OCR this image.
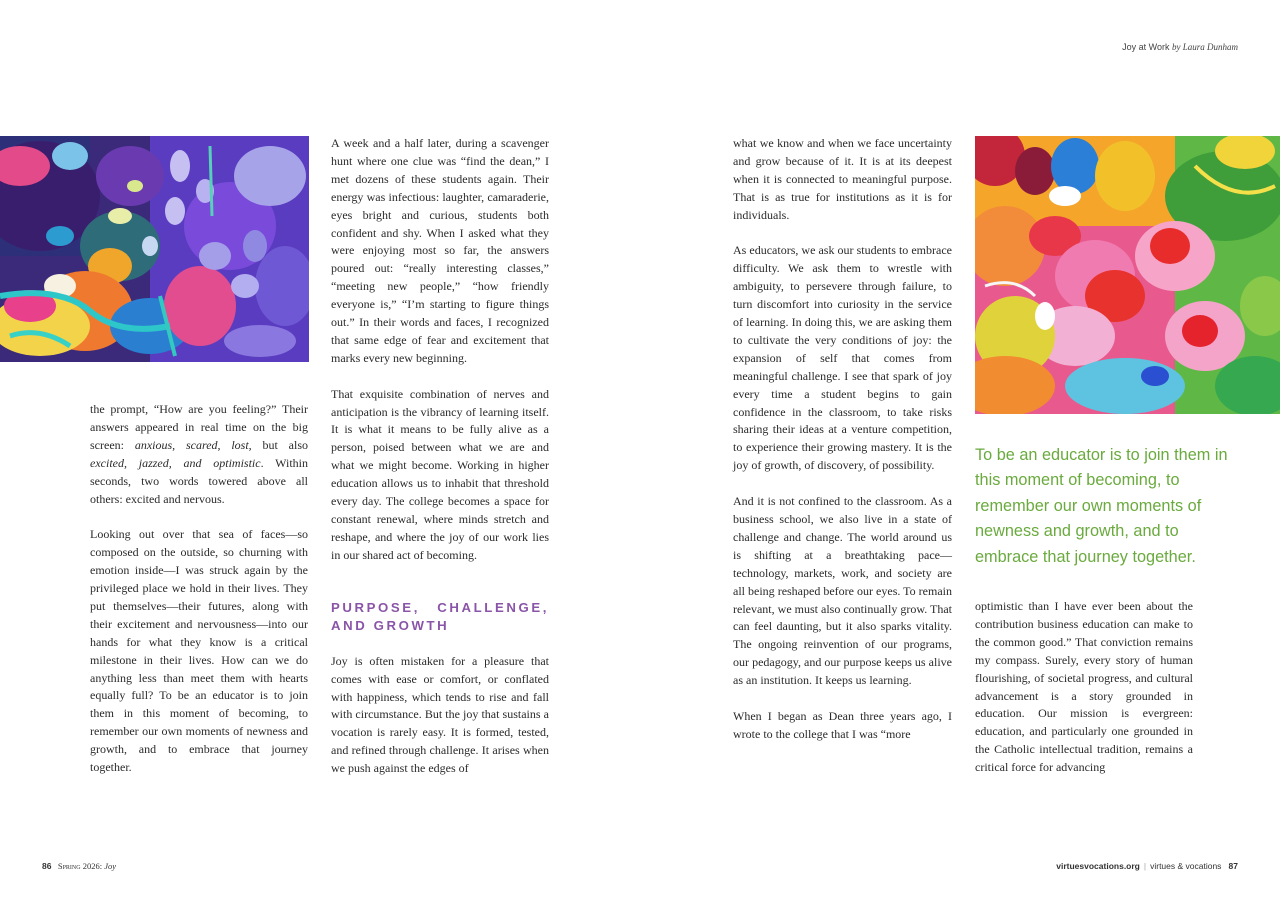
the prompt, “How are you feeling?” Their answers appeared in real time on the big screen: anxious, scared, lost, but also excited, jazzed, and optimistic. Within seconds, two words towered above all others: excited and nervous.

Looking out over that sea of faces—so composed on the outside, so churning with emotion inside—I was struck again by the privileged place we hold in their lives. They put themselves—their futures, along with their excitement and nervousness—into our hands for what they know is a critical milestone in their lives. How can we do anything less than meet them with hearts equally full? To be an educator is to join them in this moment of becoming, to remember our own moments of newness and growth, and to embrace that journey together.

A week and a half later, during a scavenger hunt where one clue was “find the dean,” I met dozens of these students again. Their energy was infectious: laughter, camaraderie, eyes bright and curious, students both confident and shy. When I asked what they were enjoying most so far, the answers poured out: “really interesting classes,” “meeting new people,” “how friendly everyone is,” “I’m starting to figure things out.” In their words and faces, I recognized that same edge of fear and excitement that marks every new beginning.

That exquisite combination of nerves and anticipation is the vibrancy of learning itself. It is what it means to be fully alive as a person, poised between what we are and what we might become. Working in higher education allows us to inhabit that threshold every day. The college becomes a space for constant renewal, where minds stretch and reshape, and where the joy of our work lies in our shared act of becoming.

PURPOSE, CHALLENGE, AND GROWTH

Joy is often mistaken for a pleasure that comes with ease or comfort, or conflated with happiness, which tends to rise and fall with circumstance. But the joy that sustains a vocation is rarely easy. It is formed, tested, and refined through challenge. It arises when we push against the edges of

86 Spring 2026: Joy
Joy at Work by Laura Dunham
virtuesvocations.org | virtues & vocations 87

what we know and when we face uncertainty and grow because of it. It is at its deepest when it is connected to meaningful purpose. That is as true for institutions as it is for individuals.

As educators, we ask our students to embrace difficulty. We ask them to wrestle with ambiguity, to persevere through failure, to turn discomfort into curiosity in the service of learning. In doing this, we are asking them to cultivate the very conditions of joy: the expansion of self that comes from meaningful challenge. I see that spark of joy every time a student begins to gain confidence in the classroom, to take risks sharing their ideas at a venture competition, to experience their growing mastery. It is the joy of growth, of discovery, of possibility.

And it is not confined to the classroom. As a business school, we also live in a state of challenge and change. The world around us is shifting at a breathtaking pace—technology, markets, work, and society are all being reshaped before our eyes. To remain relevant, we must also continually grow. That can feel daunting, but it also sparks vitality. The ongoing reinvention of our programs, our pedagogy, and our purpose keeps us alive as an institution. It keeps us learning.

When I began as Dean three years ago, I wrote to the college that I was “more

To be an educator is to join them in this moment of becoming, to remember our own moments of newness and growth, and to embrace that journey together.

optimistic than I have ever been about the contribution business education can make to the common good.” That conviction remains my compass. Surely, every story of human flourishing, of societal progress, and cultural advancement is a story grounded in education. Our mission is evergreen: education, and particularly one grounded in the Catholic intellectual tradition, remains a critical force for advancing
